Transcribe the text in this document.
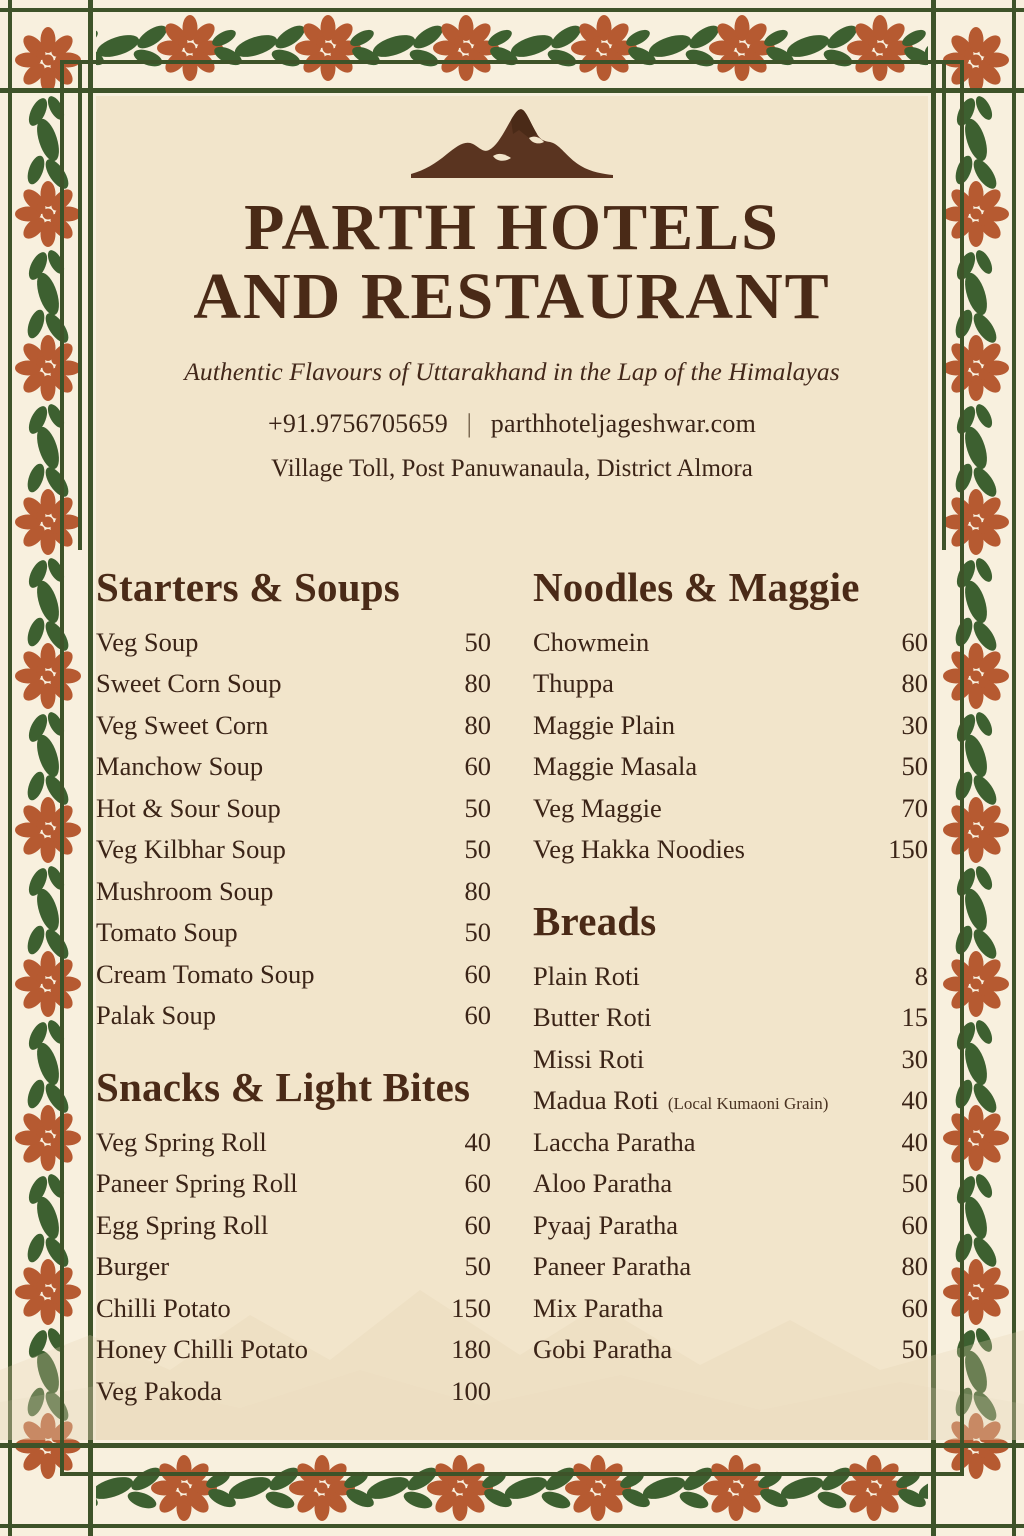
PARTH HOTELS
AND RESTAURANT
Authentic Flavours of Uttarakhand in the Lap of the Himalayas
+91.9756705659 | parthhoteljageshwar.com
Village Toll, Post Panuwanaula, District Almora
Starters & Soups
Veg Soup	50
Sweet Corn Soup	80
Veg Sweet Corn	80
Manchow Soup	60
Hot & Sour Soup	50
Veg Kilbhar Soup	50
Mushroom Soup	80
Tomato Soup	50
Cream Tomato Soup	60
Palak Soup	60
Snacks & Light Bites
Veg Spring Roll	40
Paneer Spring Roll	60
Egg Spring Roll	60
Burger	50
Chilli Potato	150
Honey Chilli Potato	180
Veg Pakoda	100
Noodles & Maggie
Chowmein	60
Thuppa	80
Maggie Plain	30
Maggie Masala	50
Veg Maggie	70
Veg Hakka Noodies	150
Breads
Plain Roti	8
Butter Roti	15
Missi Roti	30
Madua Roti (Local Kumaoni Grain)	40
Laccha Paratha	40
Aloo Paratha	50
Pyaaj Paratha	60
Paneer Paratha	80
Mix Paratha	60
Gobi Paratha	50
